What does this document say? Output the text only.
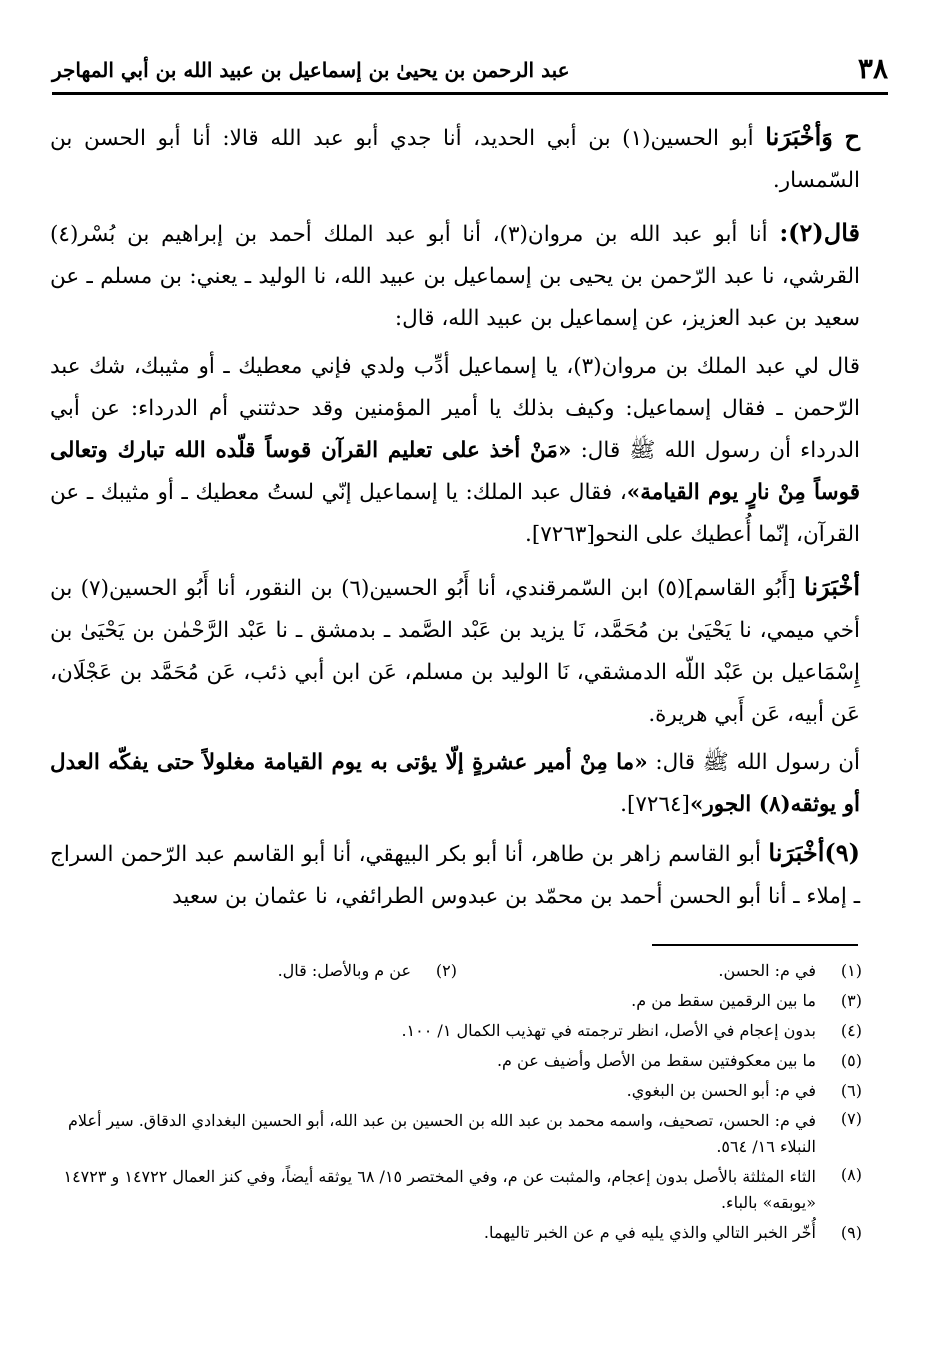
٣٨
عبد الرحمن بن يحيىٰ بن إسماعيل بن عبيد الله بن أبي المهاجر

ح وَأخْبَرَنا أبو الحسين(١) بن أبي الحديد، أنا جدي أبو عبد الله قالا: أنا أبو الحسن بن السّمسار.

قال(٢): أنا أبو عبد الله بن مروان(٣)، أنا أبو عبد الملك أحمد بن إبراهيم بن بُسْر(٤) القرشي، نا عبد الرّحمن بن يحيى بن إسماعيل بن عبيد الله، نا الوليد ـ يعني: بن مسلم ـ عن سعيد بن عبد العزيز، عن إسماعيل بن عبيد الله، قال:

قال لي عبد الملك بن مروان(٣)، يا إسماعيل أدِّب ولدي فإني معطيك ـ أو مثيبك، شك عبد الرّحمن ـ فقال إسماعيل: وكيف بذلك يا أمير المؤمنين وقد حدثتني أم الدرداء: عن أبي الدرداء أن رسول الله ﷺ قال: «مَنْ أخذ على تعليم القرآن قوساً قلّده الله تبارك وتعالى قوساً مِنْ نارٍ يوم القيامة»، فقال عبد الملك: يا إسماعيل إنّي لستُ معطيك ـ أو مثيبك ـ عن القرآن، إنّما أُعطيك على النحو[٧٢٦٣].

أخْبَرَنا [أَبُو القاسم](٥) ابن السّمرقندي، أنا أَبُو الحسين(٦) بن النقور، أنا أَبُو الحسين(٧) بن أخي ميمي، نا يَحْيَىٰ بن مُحَمَّد، نَا يزيد بن عَبْد الصَّمد ـ بدمشق ـ نا عَبْد الرَّحْمٰن بن يَحْيَىٰ بن إِسْمَاعيل بن عَبْد اللّه الدمشقي، نَا الوليد بن مسلم، عَن ابن أبي ذئب، عَن مُحَمَّد بن عَجْلَان، عَن أبيه، عَن أَبي هريرة.

أن رسول الله ﷺ قال: «ما مِنْ أمير عشرةٍ إلّا يؤتى به يوم القيامة مغلولاً حتى يفكّه العدل أو يوثقه(٨) الجور»[٧٢٦٤].

(٩)أخْبَرَنا أبو القاسم زاهر بن طاهر، أنا أبو بكر البيهقي، أنا أبو القاسم عبد الرّحمن السراج ـ إملاء ـ أنا أبو الحسن أحمد بن محمّد بن عبدوس الطرائفي، نا عثمان بن سعيد

(١)
في م: الحسن.
(٢)
عن م وبالأصل: قال.
(٣)
ما بين الرقمين سقط من م.
(٤)
بدون إعجام في الأصل، انظر ترجمته في تهذيب الكمال ١/ ١٠٠.
(٥)
ما بين معكوفتين سقط من الأصل وأضيف عن م.
(٦)
في م: أبو الحسن بن البغوي.
(٧)
في م: الحسن، تصحيف، واسمه محمد بن عبد الله بن الحسين بن عبد الله، أبو الحسين البغدادي الدقاق. سير أعلام النبلاء ١٦/ ٥٦٤.
(٨)
الثاء المثلثة بالأصل بدون إعجام، والمثبت عن م، وفي المختصر ١٥/ ٦٨ يوثقه أيضاً، وفي كنز العمال ١٤٧٢٢ و ١٤٧٢٣ «يوبقه» بالباء.
(٩)
أُخّر الخبر التالي والذي يليه في م عن الخبر تاليهما.
